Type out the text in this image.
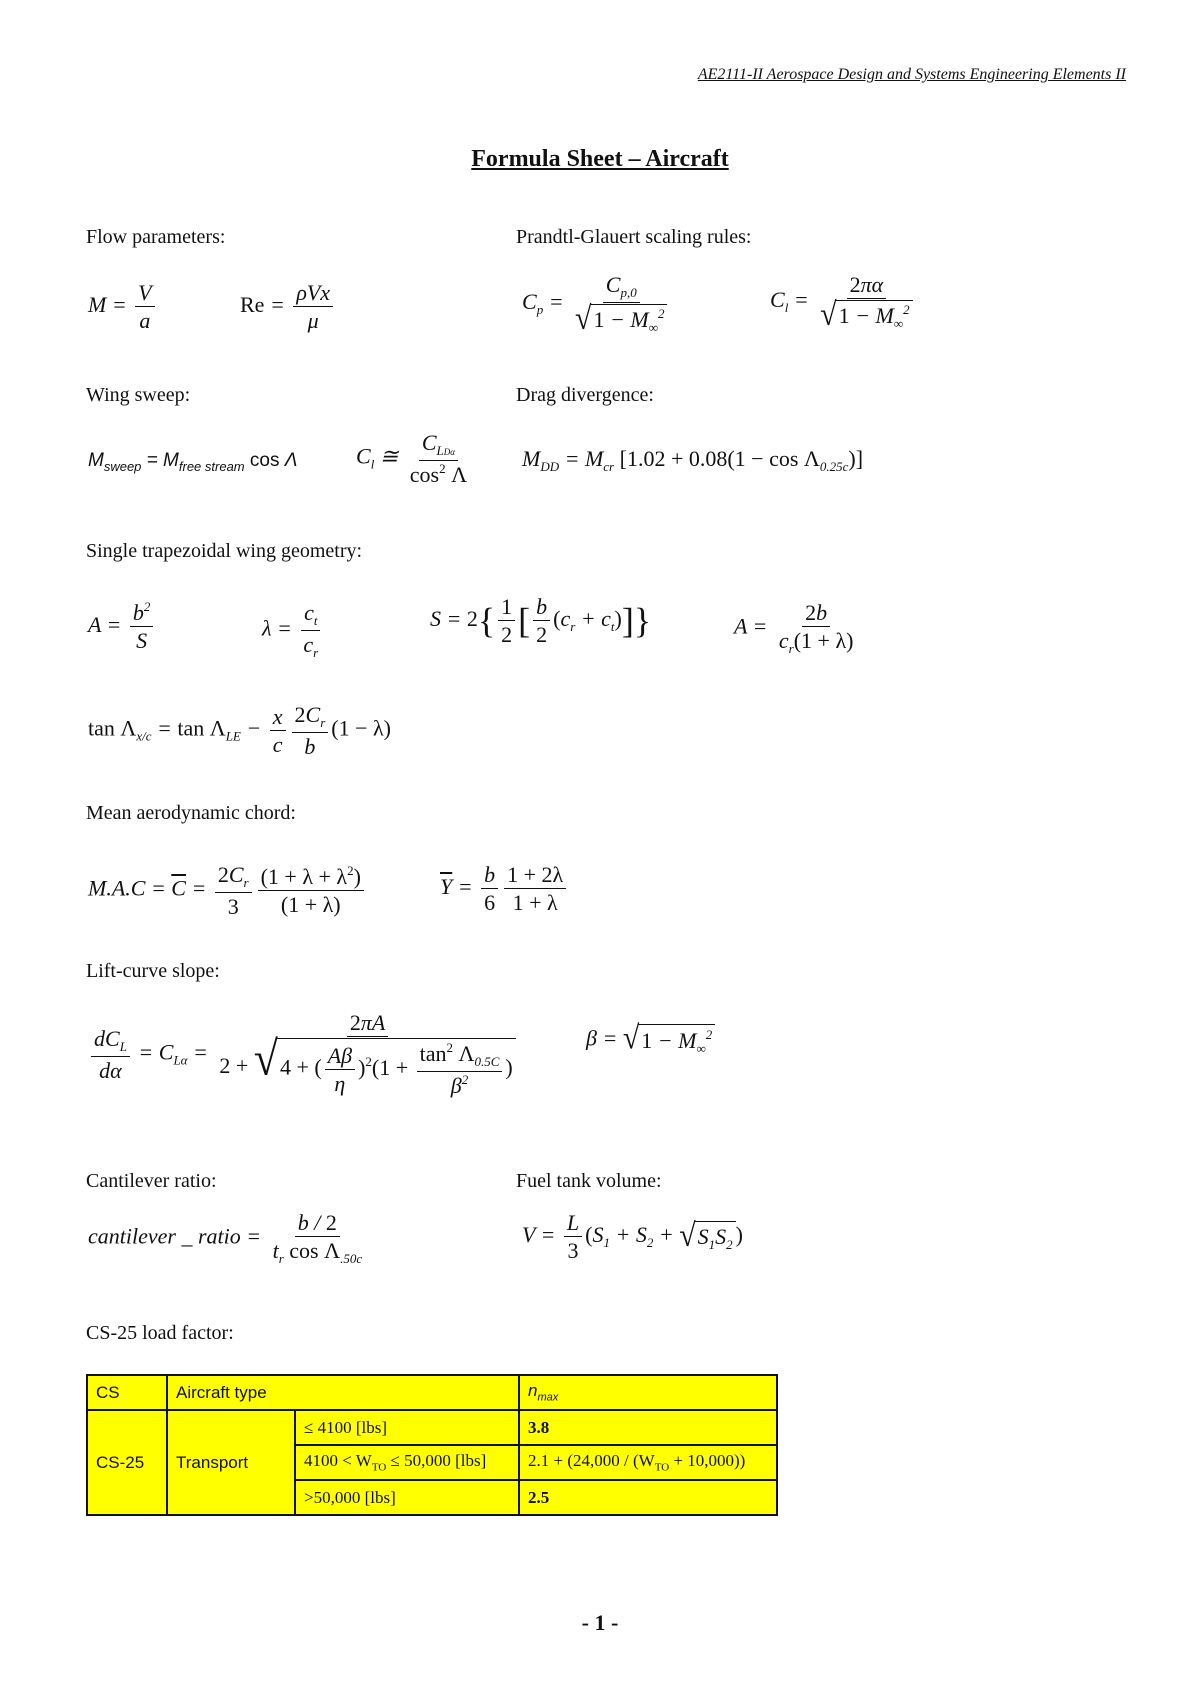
AE2111-II Aerospace Design and Systems Engineering Elements II
Formula Sheet – Aircraft
Flow parameters:
$M = \frac{V}{a}$	$Re = \frac{\text{ρVx}}{\mu}$
Prandtl-Glauert scaling rules:
$C_p = \frac{C_{p,0}}{√ 1 - M_\infty^2}$	$C_l = \frac{2\pi\alpha}{√ 1 - M_\infty^2}$
Wing sweep:
$M_{sweep} = M_{free stream}$ cos Λ	$C_l$ ≅ $\frac{C_{LD\alpha}}{\cos^2 \Lambda}$
Drag divergence:
$M_{DD} = M_{cr}$ $[1.02 + 0.08(1 - \cos \Lambda_{0.25c})]$
Single trapezoidal wing geometry:
$A = \frac{b^2}{S}$	$\lambda = \frac{c_t}{c_r}$	$S = 2\{ \frac{1}{2}$ [ $\frac{b}{2} (c_r + c_t)$]}	$A = \frac{2b}{c_r(1 + \lambda)}$
$\tan \Lambda_{x/c} = \tan \Lambda_{LE} - \frac{x}{c} \frac{2C_r}{b} (1 - \lambda)$
Mean aerodynamic chord:
$M.A.C = \overline{C} = \frac{2C_r}{3} \frac{(1 + \lambda + \lambda^2)}{(1 + \lambda)}$	$\overline{Y} = \frac{b}{6} \frac{1 + 2\lambda}{1 + \lambda}$
Lift-curve slope:
$\frac{dC_L}{d\alpha} = C_{L\alpha} = \frac{2\pi A}{2 + √ 4 + ( \frac{A\beta}{\eta} )^2(1 + \frac{\tan^2 \Lambda_{0.5C}}{\beta^2} )}$	β = √ $1 - M_\infty^2$
Cantilever ratio:
cantilever _ ratio = $\frac{b / 2}{t_r \cos \Lambda_{.50c}}$
Fuel tank volume:
$V = \frac{L}{3} (S_1 + S_2$ + √ $S_1S_2$ )
CS-25 load factor:
CS	Aircraft type		$n_{max}$
CS-25	Transport	≤ 4100 [lbs]	3.8
		$4100 < W_{TO} \le 50,000$ [lbs]	$2.1 + (24,000 / (W_{TO} + 10,000))$
		>50,000 [lbs]	2.5
- 1 -
